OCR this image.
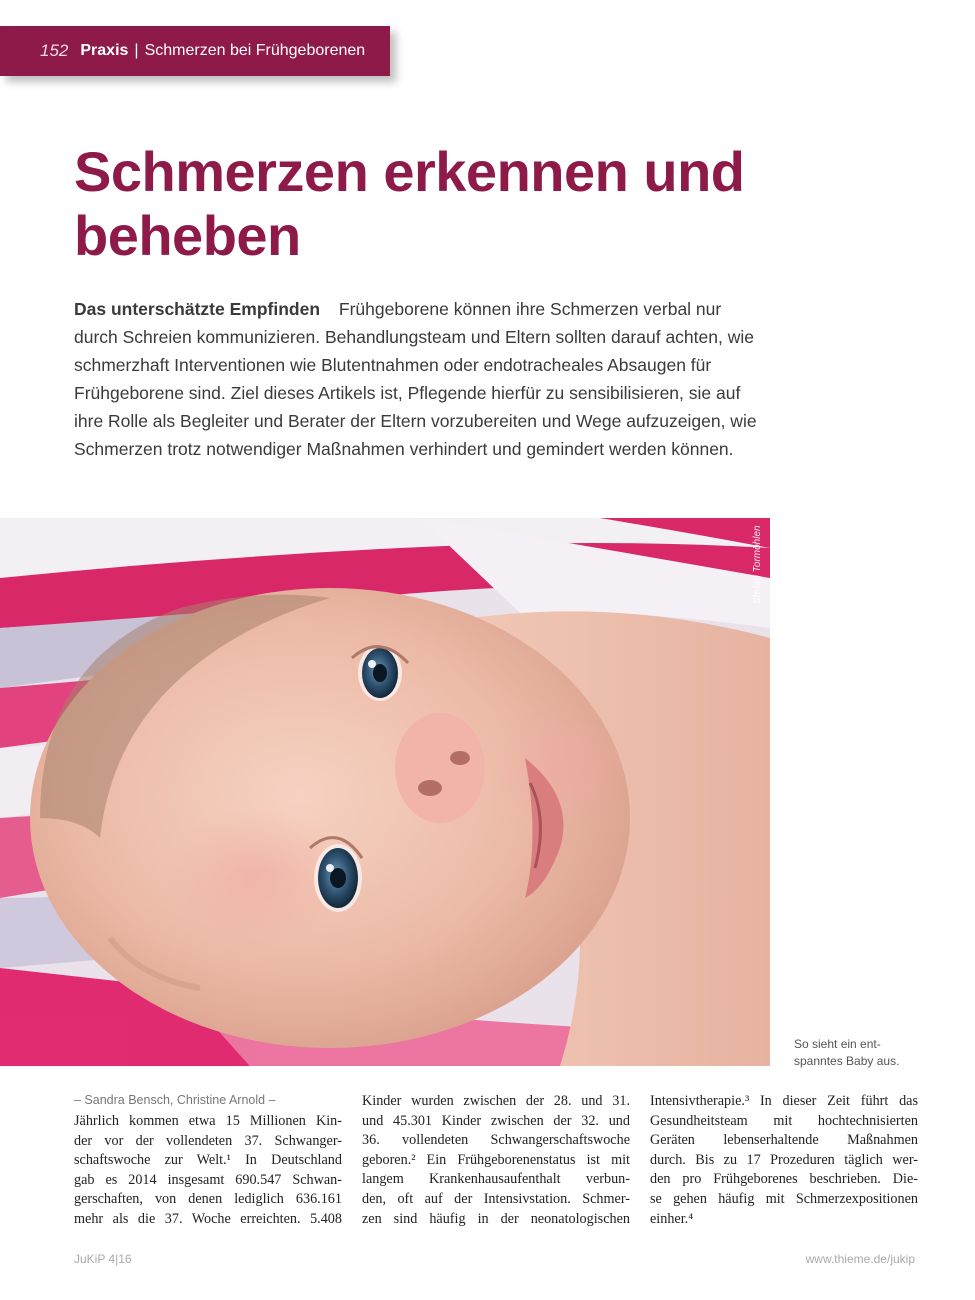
152 Praxis | Schmerzen bei Frühgeborenen
Schmerzen erkennen und beheben

Das unterschätzte Empfinden Frühgeborene können ihre Schmerzen verbal nur durch Schreien kommunizieren. Behandlungsteam und Eltern sollten darauf achten, wie schmerzhaft Interventionen wie Blutentnahmen oder endotracheales Absaugen für Frühgeborene sind. Ziel dieses Artikels ist, Pflegende hierfür zu sensibilisieren, sie auf ihre Rolle als Begleiter und Berater der Eltern vorzubereiten und Wege aufzuzeigen, wie Schmerzen trotz notwendiger Maßnahmen verhindert und gemindert werden können.

Stefan Tormöhlen
So sieht ein ent- spanntes Baby aus.
– Sandra Bensch, Christine Arnold –
Jährlich kommen etwa 15 Millionen Kin-
der vor der vollendeten 37. Schwanger-
schaftswoche zur Welt.¹ In Deutschland
gab es 2014 insgesamt 690.547 Schwan-
gerschaften, von denen lediglich 636.161
mehr als die 37. Woche erreichten. 5.408
Kinder wurden zwischen der 28. und 31.
und 45.301 Kinder zwischen der 32. und
36. vollendeten Schwangerschaftswoche
geboren.² Ein Frühgeborenenstatus ist mit
langem Krankenhausaufenthalt verbun-
den, oft auf der Intensivstation. Schmer-
zen sind häufig in der neonatologischen
Intensivtherapie.³ In dieser Zeit führt das
Gesundheitsteam mit hochtechnisierten
Geräten lebenserhaltende Maßnahmen
durch. Bis zu 17 Prozeduren täglich wer-
den pro Frühgeborenes beschrieben. Die-
se gehen häufig mit Schmerzexpositionen
einher.⁴
JuKiP 4|16	www.thieme.de/jukip
